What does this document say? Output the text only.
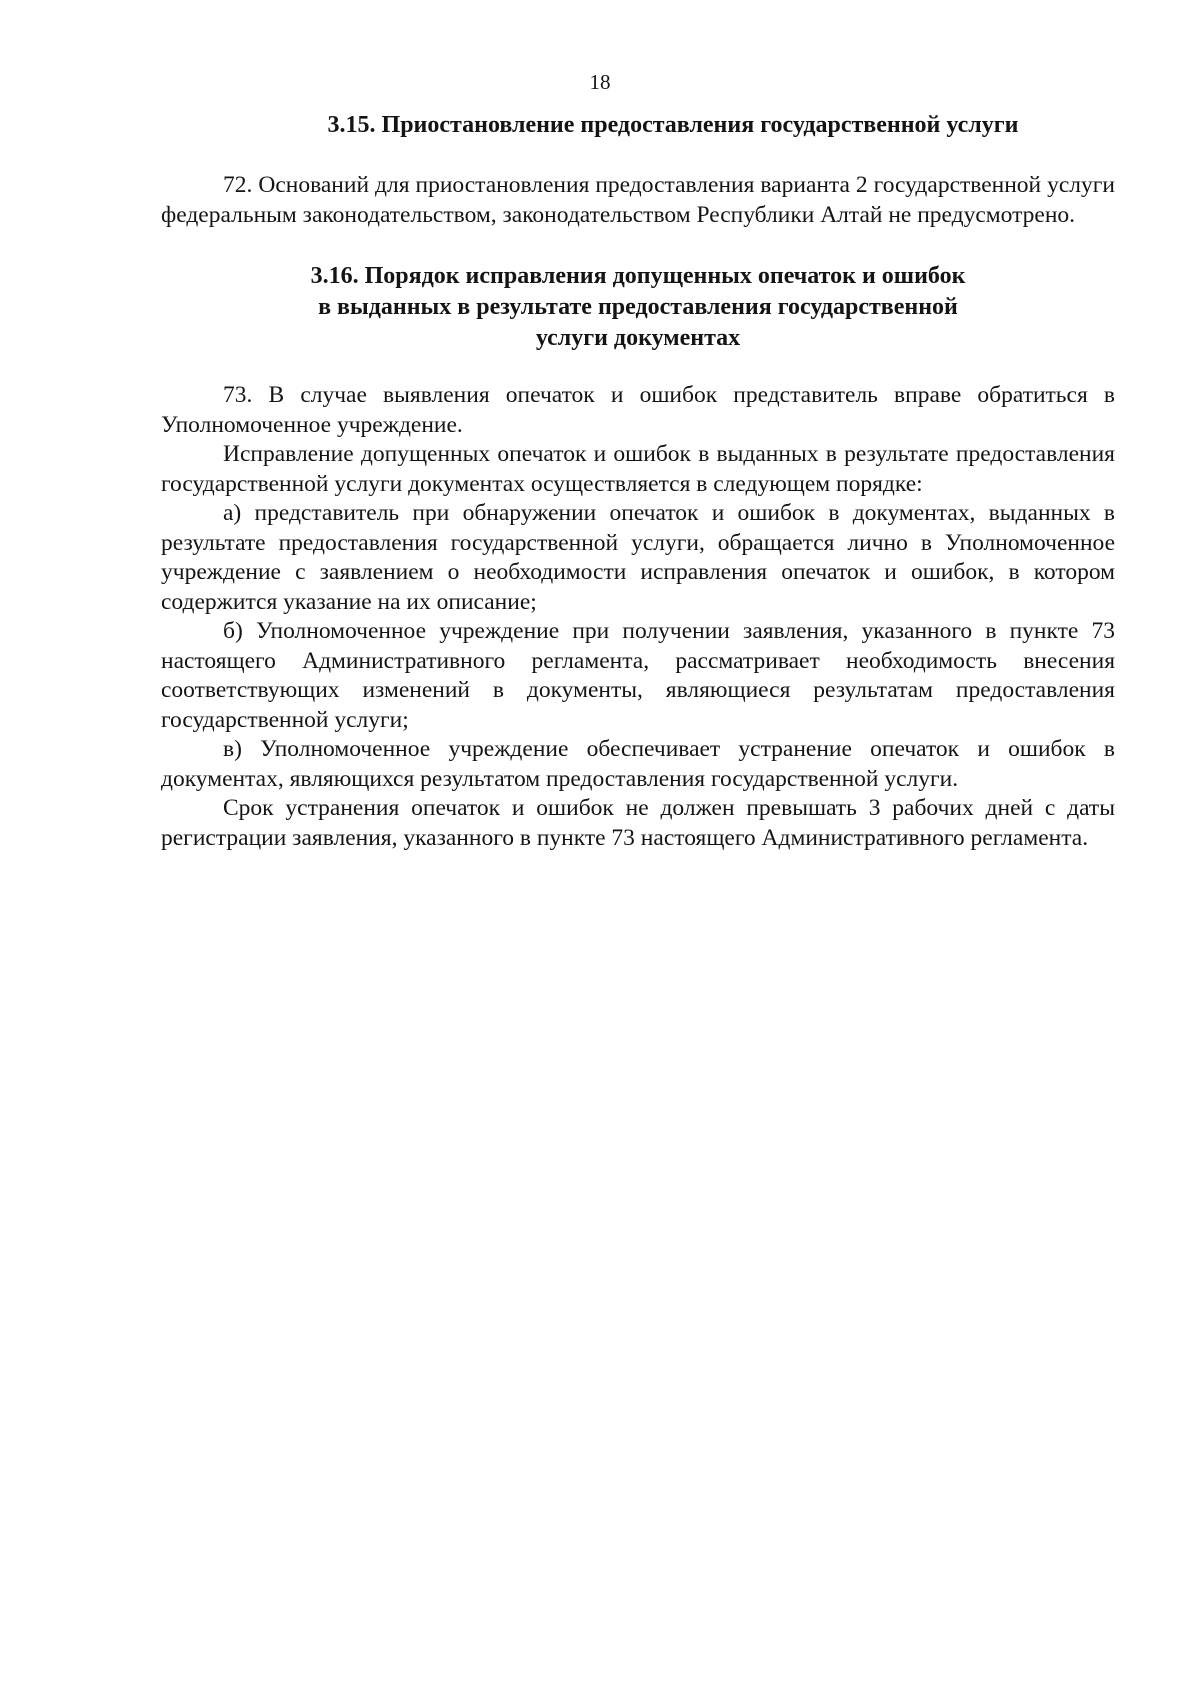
18
3.15. Приостановление предоставления государственной услуги

72. Оснований для приостановления предоставления варианта 2 государственной услуги федеральным законодательством, законодательством Республики Алтай не предусмотрено.

3.16. Порядок исправления допущенных опечаток и ошибок
в выданных в результате предоставления государственной
услуги документах

73. В случае выявления опечаток и ошибок представитель вправе обратиться в Уполномоченное учреждение.

Исправление допущенных опечаток и ошибок в выданных в результате предоставления государственной услуги документах осуществляется в следующем порядке:

а) представитель при обнаружении опечаток и ошибок в документах, выданных в результате предоставления государственной услуги, обращается лично в Уполномоченное учреждение с заявлением о необходимости исправления опечаток и ошибок, в котором содержится указание на их описание;

б) Уполномоченное учреждение при получении заявления, указанного в пункте 73 настоящего Административного регламента, рассматривает необходимость внесения соответствующих изменений в документы, являющиеся результатам предоставления государственной услуги;

в) Уполномоченное учреждение обеспечивает устранение опечаток и ошибок в документах, являющихся результатом предоставления государственной услуги.

Срок устранения опечаток и ошибок не должен превышать 3 рабочих дней с даты регистрации заявления, указанного в пункте 73 настоящего Административного регламента.
